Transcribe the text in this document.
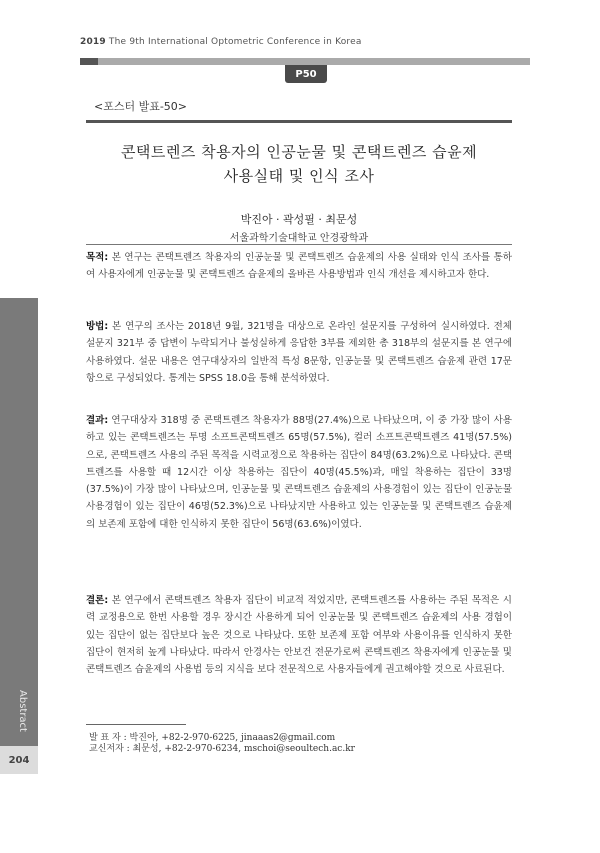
2019 The 9th International Optometric Conference in Korea
P50
<포스터 발표-50>
콘택트렌즈 착용자의 인공눈물 및 콘택트렌즈 습윤제
사용실태 및 인식 조사
박진아 · 곽성필 · 최문성
서울과학기술대학교 안경광학과
목적: 본 연구는 콘택트렌즈 착용자의 인공눈물 및 콘택트렌즈 습윤제의 사용 실태와 인식 조사를 통하여 사용자에게 인공눈물 및 콘택트렌즈 습윤제의 올바른 사용방법과 인식 개선을 제시하고자 한다.
방법: 본 연구의 조사는 2018년 9월, 321명을 대상으로 온라인 설문지를 구성하여 실시하였다. 전체 설문지 321부 중 답변이 누락되거나 불성실하게 응답한 3부를 제외한 총 318부의 설문지를 본 연구에 사용하였다. 설문 내용은 연구대상자의 일반적 특성 8문항, 인공눈물 및 콘택트렌즈 습윤제 관련 17문항으로 구성되었다. 통계는 SPSS 18.0을 통해 분석하였다.
결과: 연구대상자 318명 중 콘택트렌즈 착용자가 88명(27.4%)으로 나타났으며, 이 중 가장 많이 사용하고 있는 콘택트렌즈는 투명 소프트콘택트렌즈 65명(57.5%), 컬러 소프트콘택트렌즈 41명(57.5%)으로, 콘택트렌즈 사용의 주된 목적을 시력교정으로 착용하는 집단이 84명(63.2%)으로 나타났다. 콘택트렌즈를 사용할 때 12시간 이상 착용하는 집단이 40명(45.5%)과, 매일 착용하는 집단이 33명(37.5%)이 가장 많이 나타났으며, 인공눈물 및 콘택트렌즈 습윤제의 사용경험이 있는 집단이 인공눈물 사용경험이 있는 집단이 46명(52.3%)으로 나타났지만 사용하고 있는 인공눈물 및 콘택트렌즈 습윤제의 보존제 포함에 대한 인식하지 못한 집단이 56명(63.6%)이였다.
결론: 본 연구에서 콘택트렌즈 착용자 집단이 비교적 적었지만, 콘택트렌즈를 사용하는 주된 목적은 시력 교정용으로 한번 사용할 경우 장시간 사용하게 되어 인공눈물 및 콘택트렌즈 습윤제의 사용 경험이 있는 집단이 없는 집단보다 높은 것으로 나타났다. 또한 보존제 포함 여부와 사용이유를 인식하지 못한 집단이 현저히 높게 나타났다. 따라서 안경사는 안보건 전문가로써 콘택트렌즈 착용자에게 인공눈물 및 콘택트렌즈 습윤제의 사용법 등의 지식을 보다 전문적으로 사용자들에게 권고해야할 것으로 사료된다.
Abstract
204
발 표 자 : 박진아, +82-2-970-6225, jinaaas2@gmail.com
교신저자 : 최문성, +82-2-970-6234, mschoi@seoultech.ac.kr
